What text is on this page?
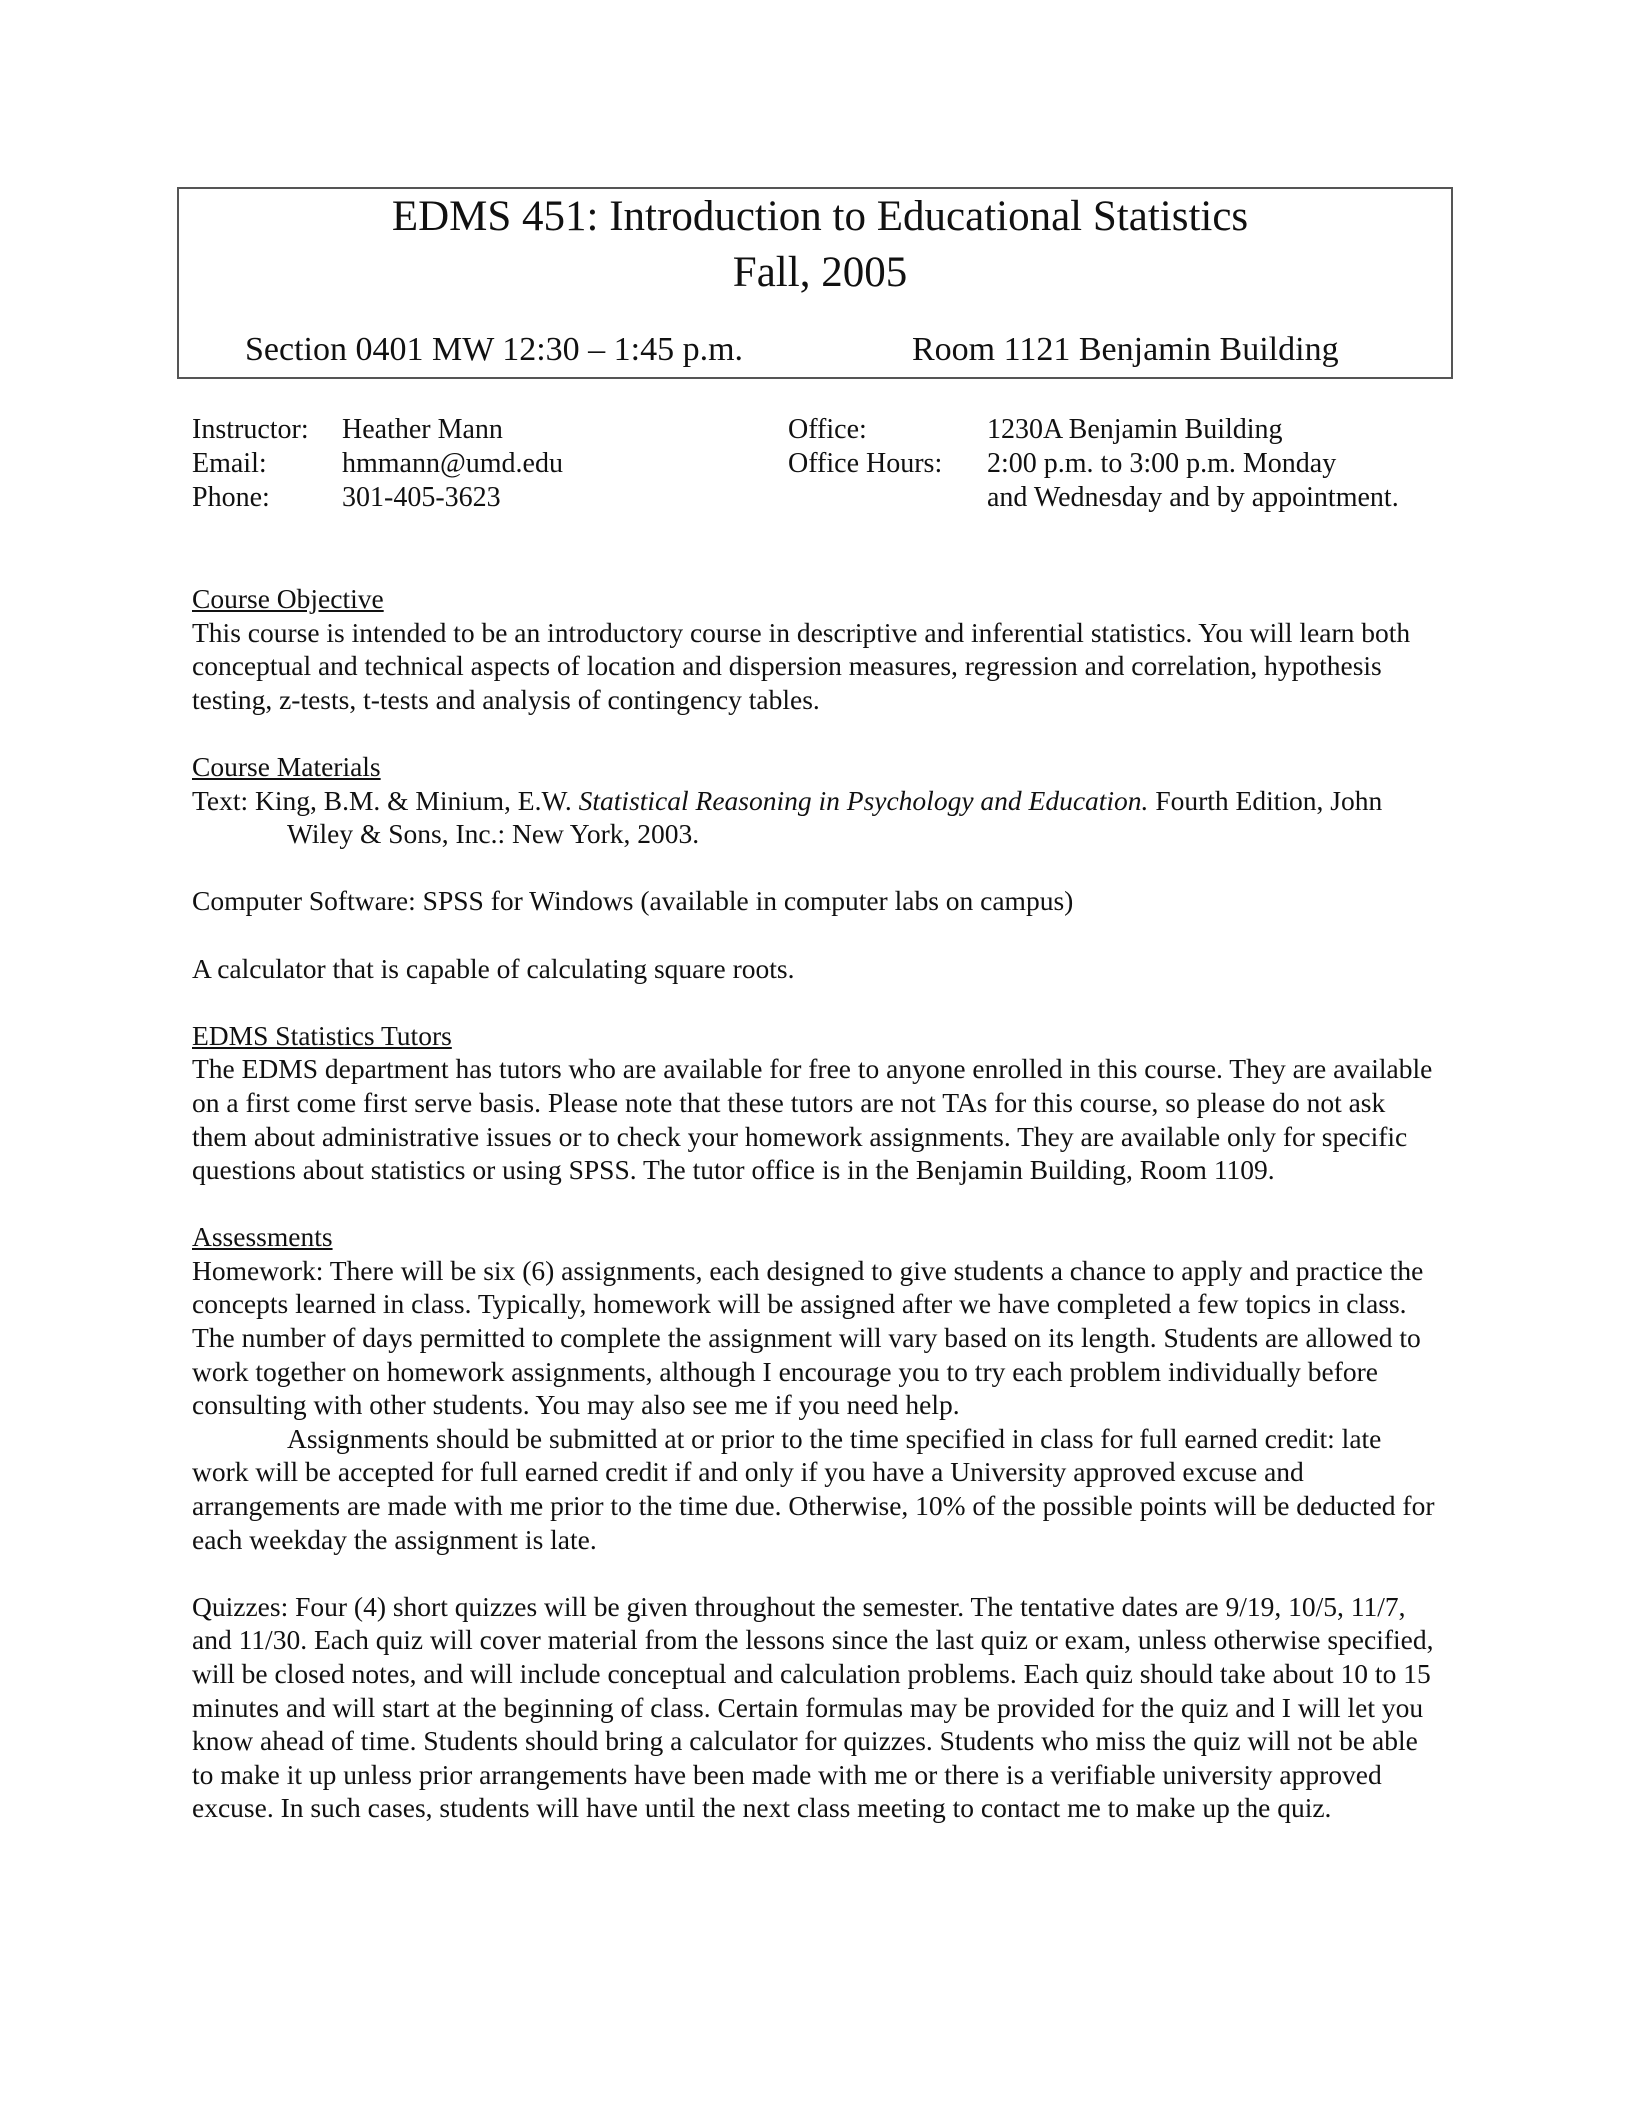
EDMS 451: Introduction to Educational Statistics
Fall, 2005
Section 0401 MW 12:30 – 1:45 p.m.	Room 1121 Benjamin Building
Instructor:
Email:
Phone:
Heather Mann
hmmann@umd.edu
301-405-3623
Office:
Office Hours:
1230A Benjamin Building
2:00 p.m. to 3:00 p.m. Monday
and Wednesday and by appointment.
Course Objective

This course is intended to be an introductory course in descriptive and inferential statistics. You will learn both conceptual and technical aspects of location and dispersion measures, regression and correlation, hypothesis testing, z-tests, t-tests and analysis of contingency tables.

Course Materials

Text: King, B.M. & Minium, E.W. Statistical Reasoning in Psychology and Education. Fourth Edition, John Wiley & Sons, Inc.: New York, 2003.

Computer Software: SPSS for Windows (available in computer labs on campus)

A calculator that is capable of calculating square roots.

EDMS Statistics Tutors

The EDMS department has tutors who are available for free to anyone enrolled in this course. They are available on a first come first serve basis. Please note that these tutors are not TAs for this course, so please do not ask them about administrative issues or to check your homework assignments. They are available only for specific questions about statistics or using SPSS. The tutor office is in the Benjamin Building, Room 1109.

Assessments

Homework: There will be six (6) assignments, each designed to give students a chance to apply and practice the concepts learned in class. Typically, homework will be assigned after we have completed a few topics in class. The number of days permitted to complete the assignment will vary based on its length. Students are allowed to work together on homework assignments, although I encourage you to try each problem individually before consulting with other students. You may also see me if you need help.

Assignments should be submitted at or prior to the time specified in class for full earned credit: late work will be accepted for full earned credit if and only if you have a University approved excuse and arrangements are made with me prior to the time due. Otherwise, 10% of the possible points will be deducted for each weekday the assignment is late.

Quizzes: Four (4) short quizzes will be given throughout the semester. The tentative dates are 9/19, 10/5, 11/7, and 11/30. Each quiz will cover material from the lessons since the last quiz or exam, unless otherwise specified, will be closed notes, and will include conceptual and calculation problems. Each quiz should take about 10 to 15 minutes and will start at the beginning of class. Certain formulas may be provided for the quiz and I will let you know ahead of time. Students should bring a calculator for quizzes. Students who miss the quiz will not be able to make it up unless prior arrangements have been made with me or there is a verifiable university approved excuse. In such cases, students will have until the next class meeting to contact me to make up the quiz.
